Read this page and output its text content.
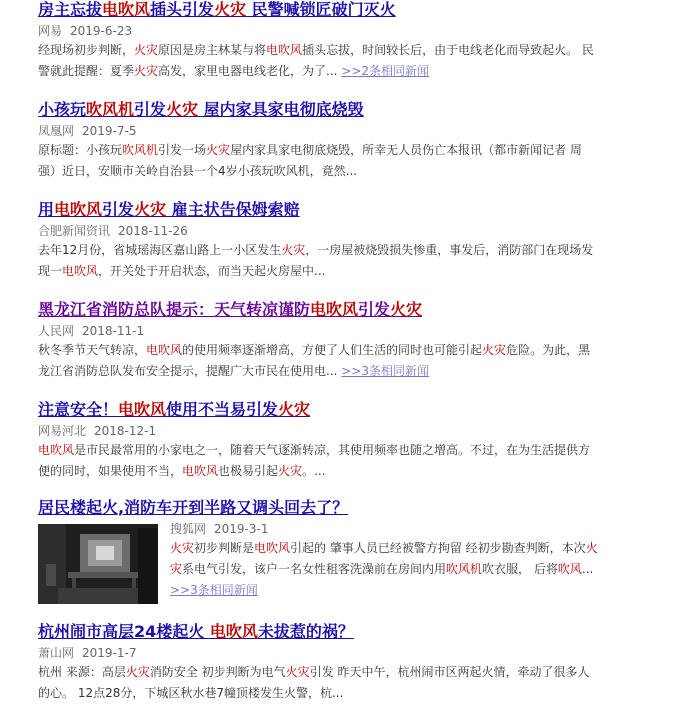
房主忘拔电吹风插头引发火灾 民警喊锁匠破门灭火
网易 2019-6-23
经现场初步判断，火灾原因是房主林某与将电吹风插头忘拔，时间较长后，由于电线老化而导致起火。 民警就此提醒：夏季火灾高发，家里电器电线老化，为了... >>2条相同新闻
小孩玩吹风机引发火灾 屋内家具家电彻底烧毁
凤凰网 2019-7-5
原标题：小孩玩吹风机引发一场火灾屋内家具家电彻底烧毁，所幸无人员伤亡本报讯（都市新闻记者 周强）近日，安顺市关岭自治县一个4岁小孩玩吹风机，竟然...
用电吹风引发火灾 雇主状告保姆索赔
合肥新闻资讯 2018-11-26
去年12月份，省城瑶海区嘉山路上一小区发生火灾，一房屋被烧毁损失惨重，事发后，消防部门在现场发现一电吹风，开关处于开启状态，而当天起火房屋中...
黑龙江省消防总队提示：天气转凉谨防电吹风引发火灾
人民网 2018-11-1
秋冬季节天气转凉，电吹风的使用频率逐渐增高，方便了人们生活的同时也可能引起火灾危险。为此，黑龙江省消防总队发布安全提示，提醒广大市民在使用电... >>3条相同新闻
注意安全！电吹风使用不当易引发火灾
网易河北 2018-12-1
电吹风是市民最常用的小家电之一，随着天气逐渐转凉，其使用频率也随之增高。不过，在为生活提供方便的同时，如果使用不当，电吹风也极易引起火灾。...
居民楼起火,消防车开到半路又调头回去了？
搜狐网 2019-3-1
火灾初步判断是电吹风引起的 肇事人员已经被警方拘留 经初步勘查判断，本次火灾系电气引发，该户一名女性租客洗澡前在房间内用吹风机吹衣服， 后将吹风... >>3条相同新闻
杭州闹市高层24楼起火 电吹风未拔惹的祸？
萧山网 2019-1-7
杭州 来源：高层火灾消防安全 初步判断为电气火灾引发 昨天中午，杭州闹市区两起火情，牵动了很多人的心。 12点28分，下城区秋水巷7幢顶楼发生火警，杭...
